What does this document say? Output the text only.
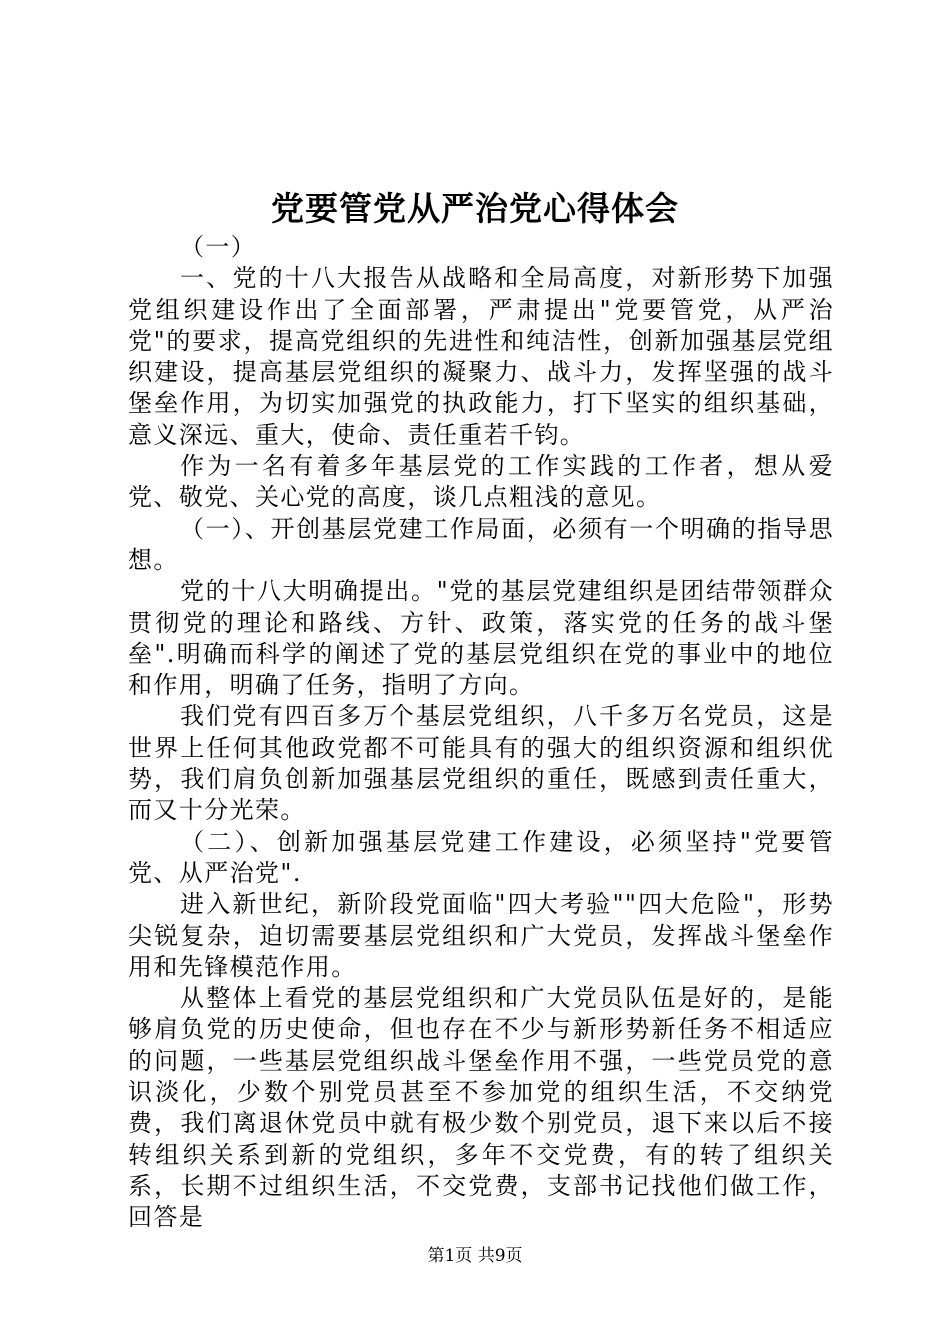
党要管党从严治党心得体会

（一）

一、党的十八大报告从战略和全局高度，对新形势下加强党组织建设作出了全面部署，严肃提出"党要管党，从严治党"的要求，提高党组织的先进性和纯洁性，创新加强基层党组织建设，提高基层党组织的凝聚力、战斗力，发挥坚强的战斗堡垒作用，为切实加强党的执政能力，打下坚实的组织基础，意义深远、重大，使命、责任重若千钧。

作为一名有着多年基层党的工作实践的工作者，想从爱党、敬党、关心党的高度，谈几点粗浅的意见。

（一）、开创基层党建工作局面，必须有一个明确的指导思想。

党的十八大明确提出。"党的基层党建组织是团结带领群众贯彻党的理论和路线、方针、政策，落实党的任务的战斗堡垒".明确而科学的阐述了党的基层党组织在党的事业中的地位和作用，明确了任务，指明了方向。

我们党有四百多万个基层党组织，八千多万名党员，这是世界上任何其他政党都不可能具有的强大的组织资源和组织优势，我们肩负创新加强基层党组织的重任，既感到责任重大，而又十分光荣。

（二）、创新加强基层党建工作建设，必须坚持"党要管党、从严治党".

进入新世纪，新阶段党面临"四大考验""四大危险"，形势尖锐复杂，迫切需要基层党组织和广大党员，发挥战斗堡垒作用和先锋模范作用。

从整体上看党的基层党组织和广大党员队伍是好的，是能够肩负党的历史使命，但也存在不少与新形势新任务不相适应的问题，一些基层党组织战斗堡垒作用不强，一些党员党的意识淡化，少数个别党员甚至不参加党的组织生活，不交纳党费，我们离退休党员中就有极少数个别党员，退下来以后不接转组织关系到新的党组织，多年不交党费，有的转了组织关系，长期不过组织生活，不交党费，支部书记找他们做工作，回答是

第1页 共9页
